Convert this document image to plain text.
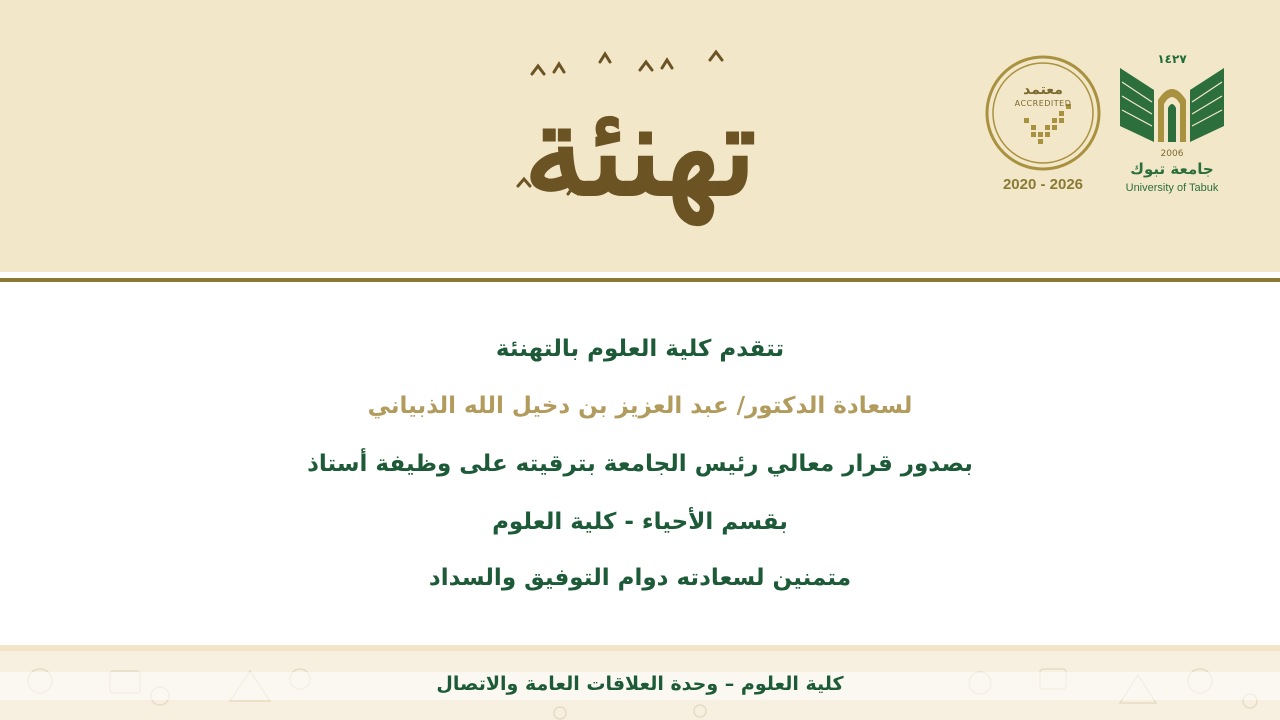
تهنئة	معتمد
ACCREDITED
2020 - 2026
١٤٢٧
2006
جامعة تبوك
University of Tabuk
تتقدم كلية العلوم بالتهنئة
لسعادة الدكتور/ عبد العزيز بن دخيل الله الذبياني
بصدور قرار معالي رئيس الجامعة بترقيته على وظيفة أستاذ
بقسم الأحياء - كلية العلوم
متمنين لسعادته دوام التوفيق والسداد
كلية العلوم – وحدة العلاقات العامة والاتصال
